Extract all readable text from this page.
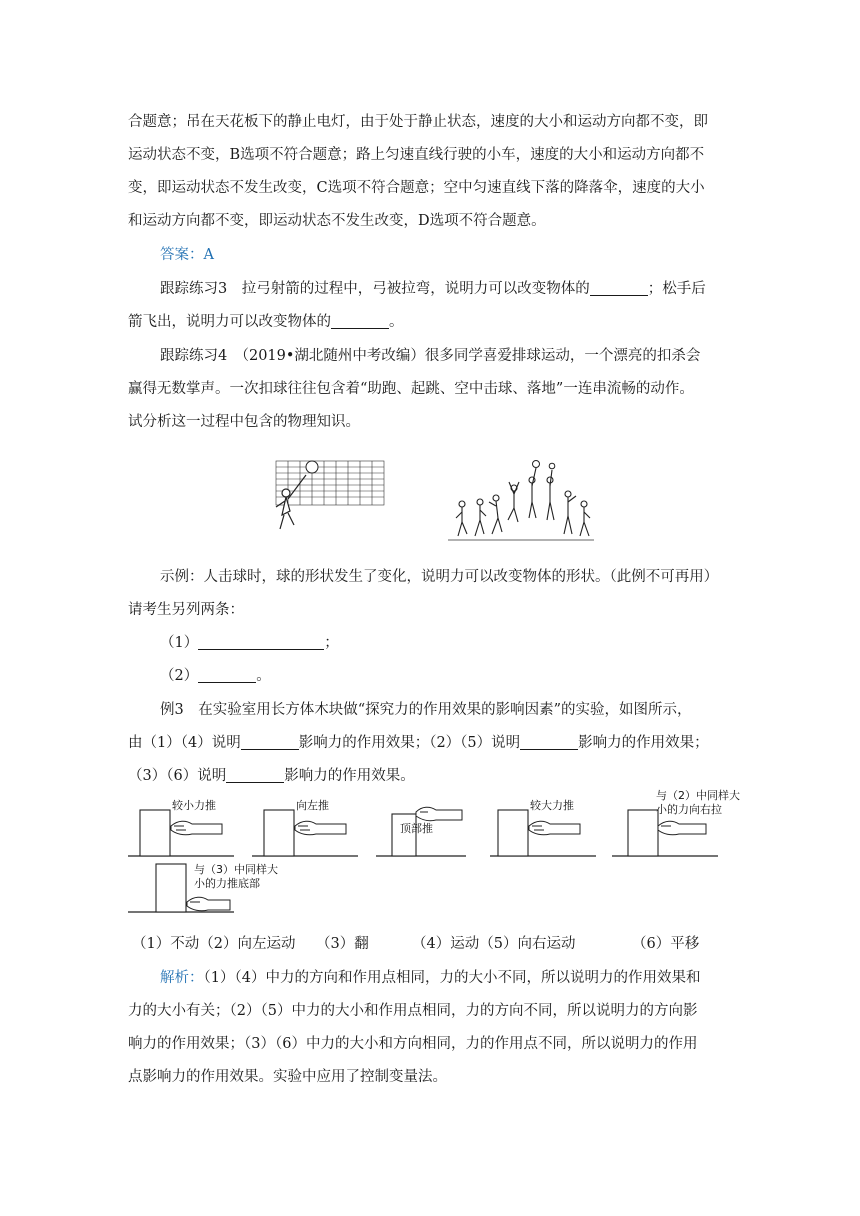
合题意；吊在天花板下的静止电灯，由于处于静止状态，速度的大小和运动方向都不变，即
运动状态不变，B选项不符合题意；路上匀速直线行驶的小车，速度的大小和运动方向都不
变，即运动状态不发生改变，C选项不符合题意；空中匀速直线下落的降落伞，速度的大小
和运动方向都不变，即运动状态不发生改变，D选项不符合题意。
答案：A
跟踪练习3　拉弓射箭的过程中，弓被拉弯，说明力可以改变物体的	；松手后
箭飞出，说明力可以改变物体的	。
跟踪练习4　（2019•湖北随州中考改编）很多同学喜爱排球运动，一个漂亮的扣杀会
赢得无数掌声。一次扣球往往包含着“助跑、起跳、空中击球、落地”一连串流畅的动作。
试分析这一过程中包含的物理知识。
示例：人击球时，球的形状发生了变化，说明力可以改变物体的形状。（此例不可再用）
请考生另列两条：
（1）	；
（2）	。
例3　在实验室用长方体木块做“探究力的作用效果的影响因素”的实验，如图所示，
由（1）（4）说明	影响力的作用效果；（2）（5）说明	影响力的作用效果；
（3）（6）说明	影响力的作用效果。
较小力推	向左推
顶部推
较大力推
与（2）中同样大
小的力向右拉
与（3）中同样大
小的力推底部
（1）不动（2）向左运动 （3）翻	（4）运动（5）向右运动	（6）平移
解析：（1）（4）中力的方向和作用点相同，力的大小不同，所以说明力的作用效果和
力的大小有关；（2）（5）中力的大小和作用点相同，力的方向不同，所以说明力的方向影
响力的作用效果；（3）（6）中力的大小和方向相同，力的作用点不同，所以说明力的作用
点影响力的作用效果。实验中应用了控制变量法。
